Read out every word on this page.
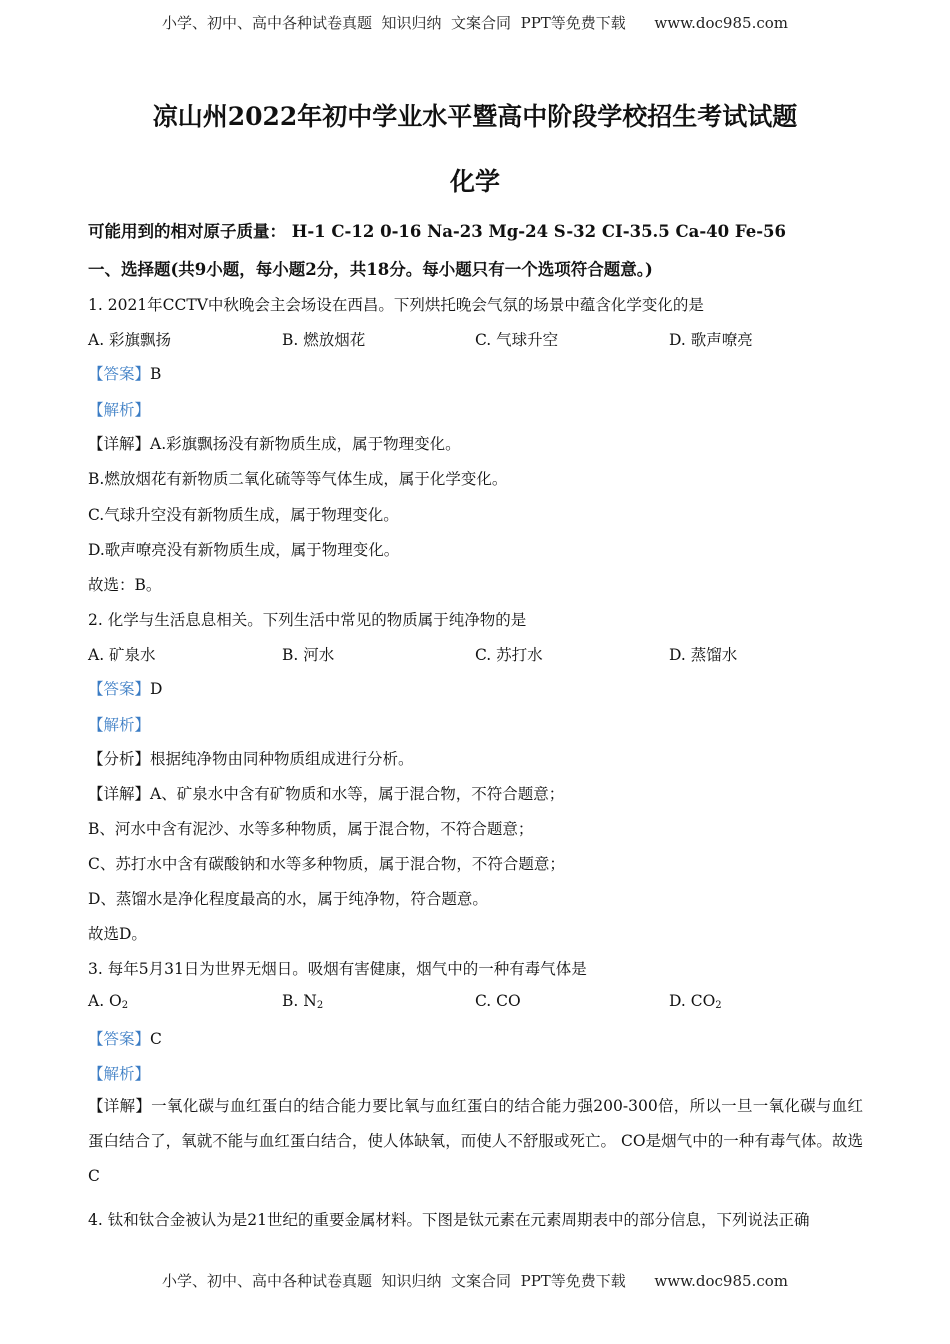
小学、初中、高中各种试卷真题  知识归纳  文案合同  PPT等免费下载      www.doc985.com
凉山州2022年初中学业水平暨高中阶段学校招生考试试题
化学
可能用到的相对原子质量： H-1 C-12 0-16 Na-23 Mg-24 S-32 CI-35.5 Ca-40 Fe-56
一、选择题(共9小题，每小题2分，共18分。每小题只有一个选项符合题意。)
1. 2021年CCTV中秋晚会主会场设在西昌。下列烘托晚会气氛的场景中蕴含化学变化的是
A. 彩旗飘扬	B. 燃放烟花	C. 气球升空	D. 歌声嘹亮
【答案】B
【解析】
【详解】A.彩旗飘扬没有新物质生成，属于物理变化。
B.燃放烟花有新物质二氧化硫等等气体生成，属于化学变化。
C.气球升空没有新物质生成，属于物理变化。
D.歌声嘹亮没有新物质生成，属于物理变化。
故选：B。
2. 化学与生活息息相关。下列生活中常见的物质属于纯净物的是
A. 矿泉水	B. 河水	C. 苏打水	D. 蒸馏水
【答案】D
【解析】
【分析】根据纯净物由同种物质组成进行分析。
【详解】A、矿泉水中含有矿物质和水等，属于混合物，不符合题意；
B、河水中含有泥沙、水等多种物质，属于混合物，不符合题意；
C、苏打水中含有碳酸钠和水等多种物质，属于混合物，不符合题意；
D、蒸馏水是净化程度最高的水，属于纯净物，符合题意。
故选D。
3. 每年5月31日为世界无烟日。吸烟有害健康，烟气中的一种有毒气体是
A. $O_2$	B. $N_2$	C. CO	D. $CO_2$
【答案】C
【解析】
【详解】一氧化碳与血红蛋白的结合能力要比氧与血红蛋白的结合能力强200-300倍，所以一旦一氧化碳与血红蛋白结合了，氧就不能与血红蛋白结合，使人体缺氧，而使人不舒服或死亡。 CO是烟气中的一种有毒气体。故选C
4. 钛和钛合金被认为是21世纪的重要金属材料。下图是钛元素在元素周期表中的部分信息，下列说法正确
小学、初中、高中各种试卷真题  知识归纳  文案合同  PPT等免费下载      www.doc985.com
